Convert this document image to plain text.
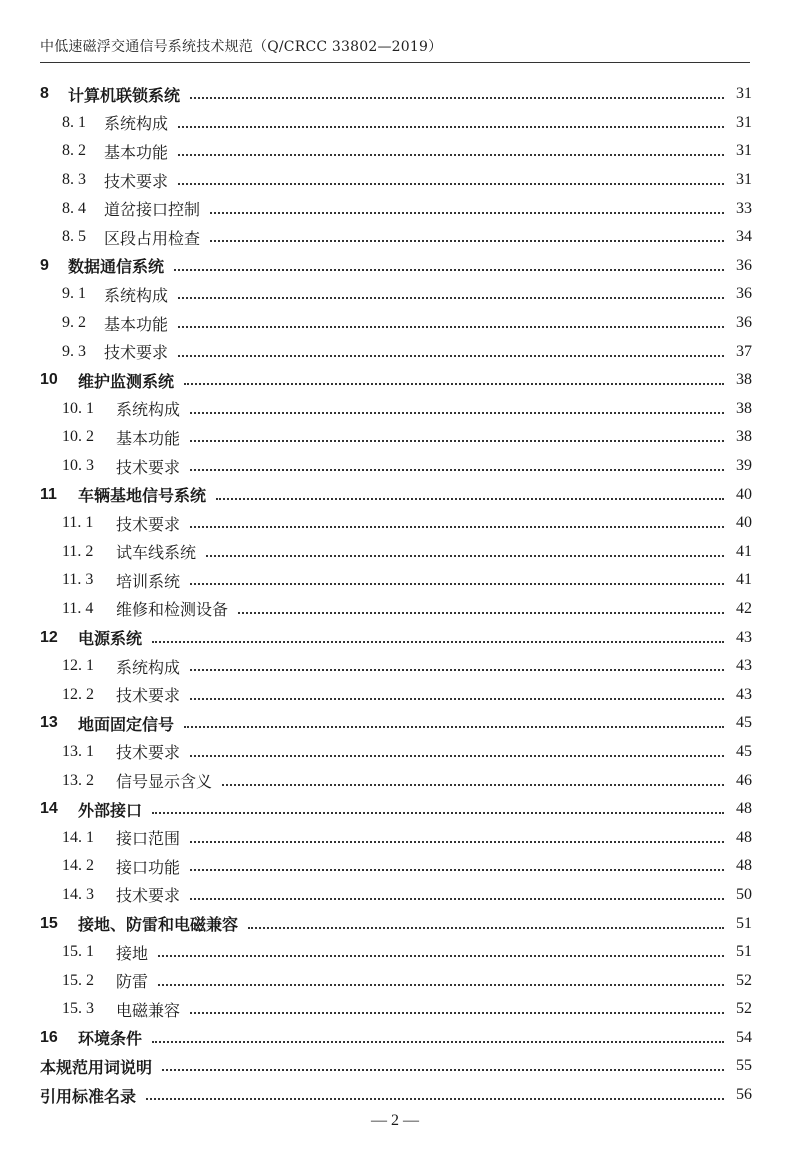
中低速磁浮交通信号系统技术规范（Q/CRCC 33802—2019）
8	计算机联锁系统	31
8. 1	系统构成	31
8. 2	基本功能	31
8. 3	技术要求	31
8. 4	道岔接口控制	33
8. 5	区段占用检查	34
9	数据通信系统	36
9. 1	系统构成	36
9. 2	基本功能	36
9. 3	技术要求	37
10	维护监测系统	38
10. 1	系统构成	38
10. 2	基本功能	38
10. 3	技术要求	39
11	车辆基地信号系统	40
11. 1	技术要求	40
11. 2	试车线系统	41
11. 3	培训系统	41
11. 4	维修和检测设备	42
12	电源系统	43
12. 1	系统构成	43
12. 2	技术要求	43
13	地面固定信号	45
13. 1	技术要求	45
13. 2	信号显示含义	46
14	外部接口	48
14. 1	接口范围	48
14. 2	接口功能	48
14. 3	技术要求	50
15	接地、防雷和电磁兼容	51
15. 1	接地	51
15. 2	防雷	52
15. 3	电磁兼容	52
16	环境条件	54
本规范用词说明	55
引用标准名录	56
— 2 —
